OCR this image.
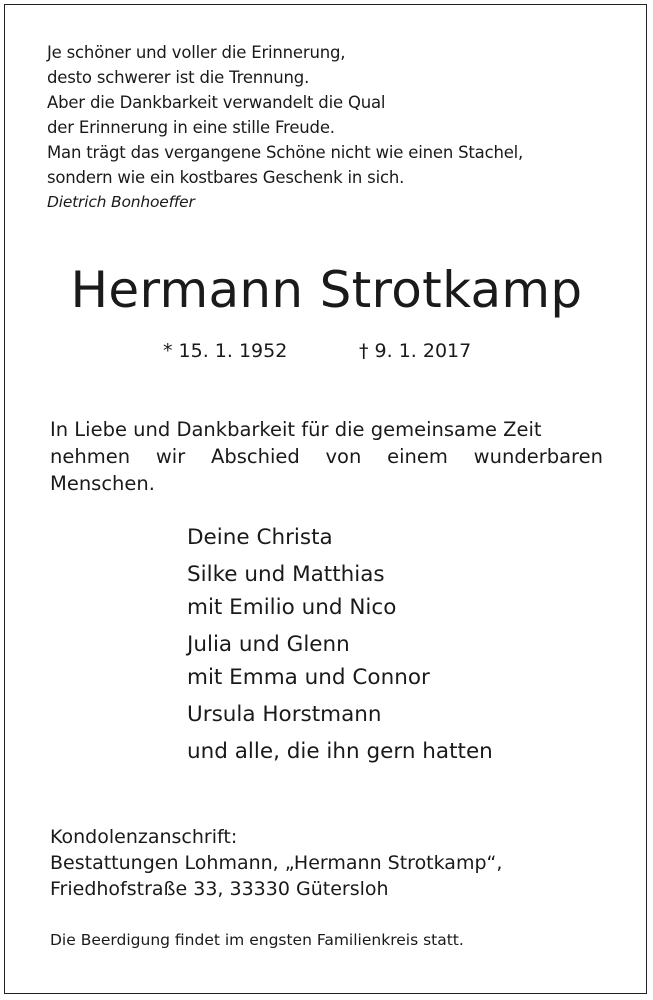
Je schöner und voller die Erinnerung,
desto schwerer ist die Trennung.
Aber die Dankbarkeit verwandelt die Qual
der Erinnerung in eine stille Freude.
Man trägt das vergangene Schöne nicht wie einen Stachel,
sondern wie ein kostbares Geschenk in sich.
Dietrich Bonhoeffer
Hermann Strotkamp
* 15. 1. 1952	† 9. 1. 2017
In Liebe und Dankbarkeit für die gemeinsame Zeit
nehmen wir Abschied von einem wunderbaren
Menschen.
Deine Christa
Silke und Matthias
mit Emilio und Nico
Julia und Glenn
mit Emma und Connor
Ursula Horstmann
und alle, die ihn gern hatten
Kondolenzanschrift:
Bestattungen Lohmann, „Hermann Strotkamp“,
Friedhofstraße 33, 33330 Gütersloh
Die Beerdigung findet im engsten Familienkreis statt.
